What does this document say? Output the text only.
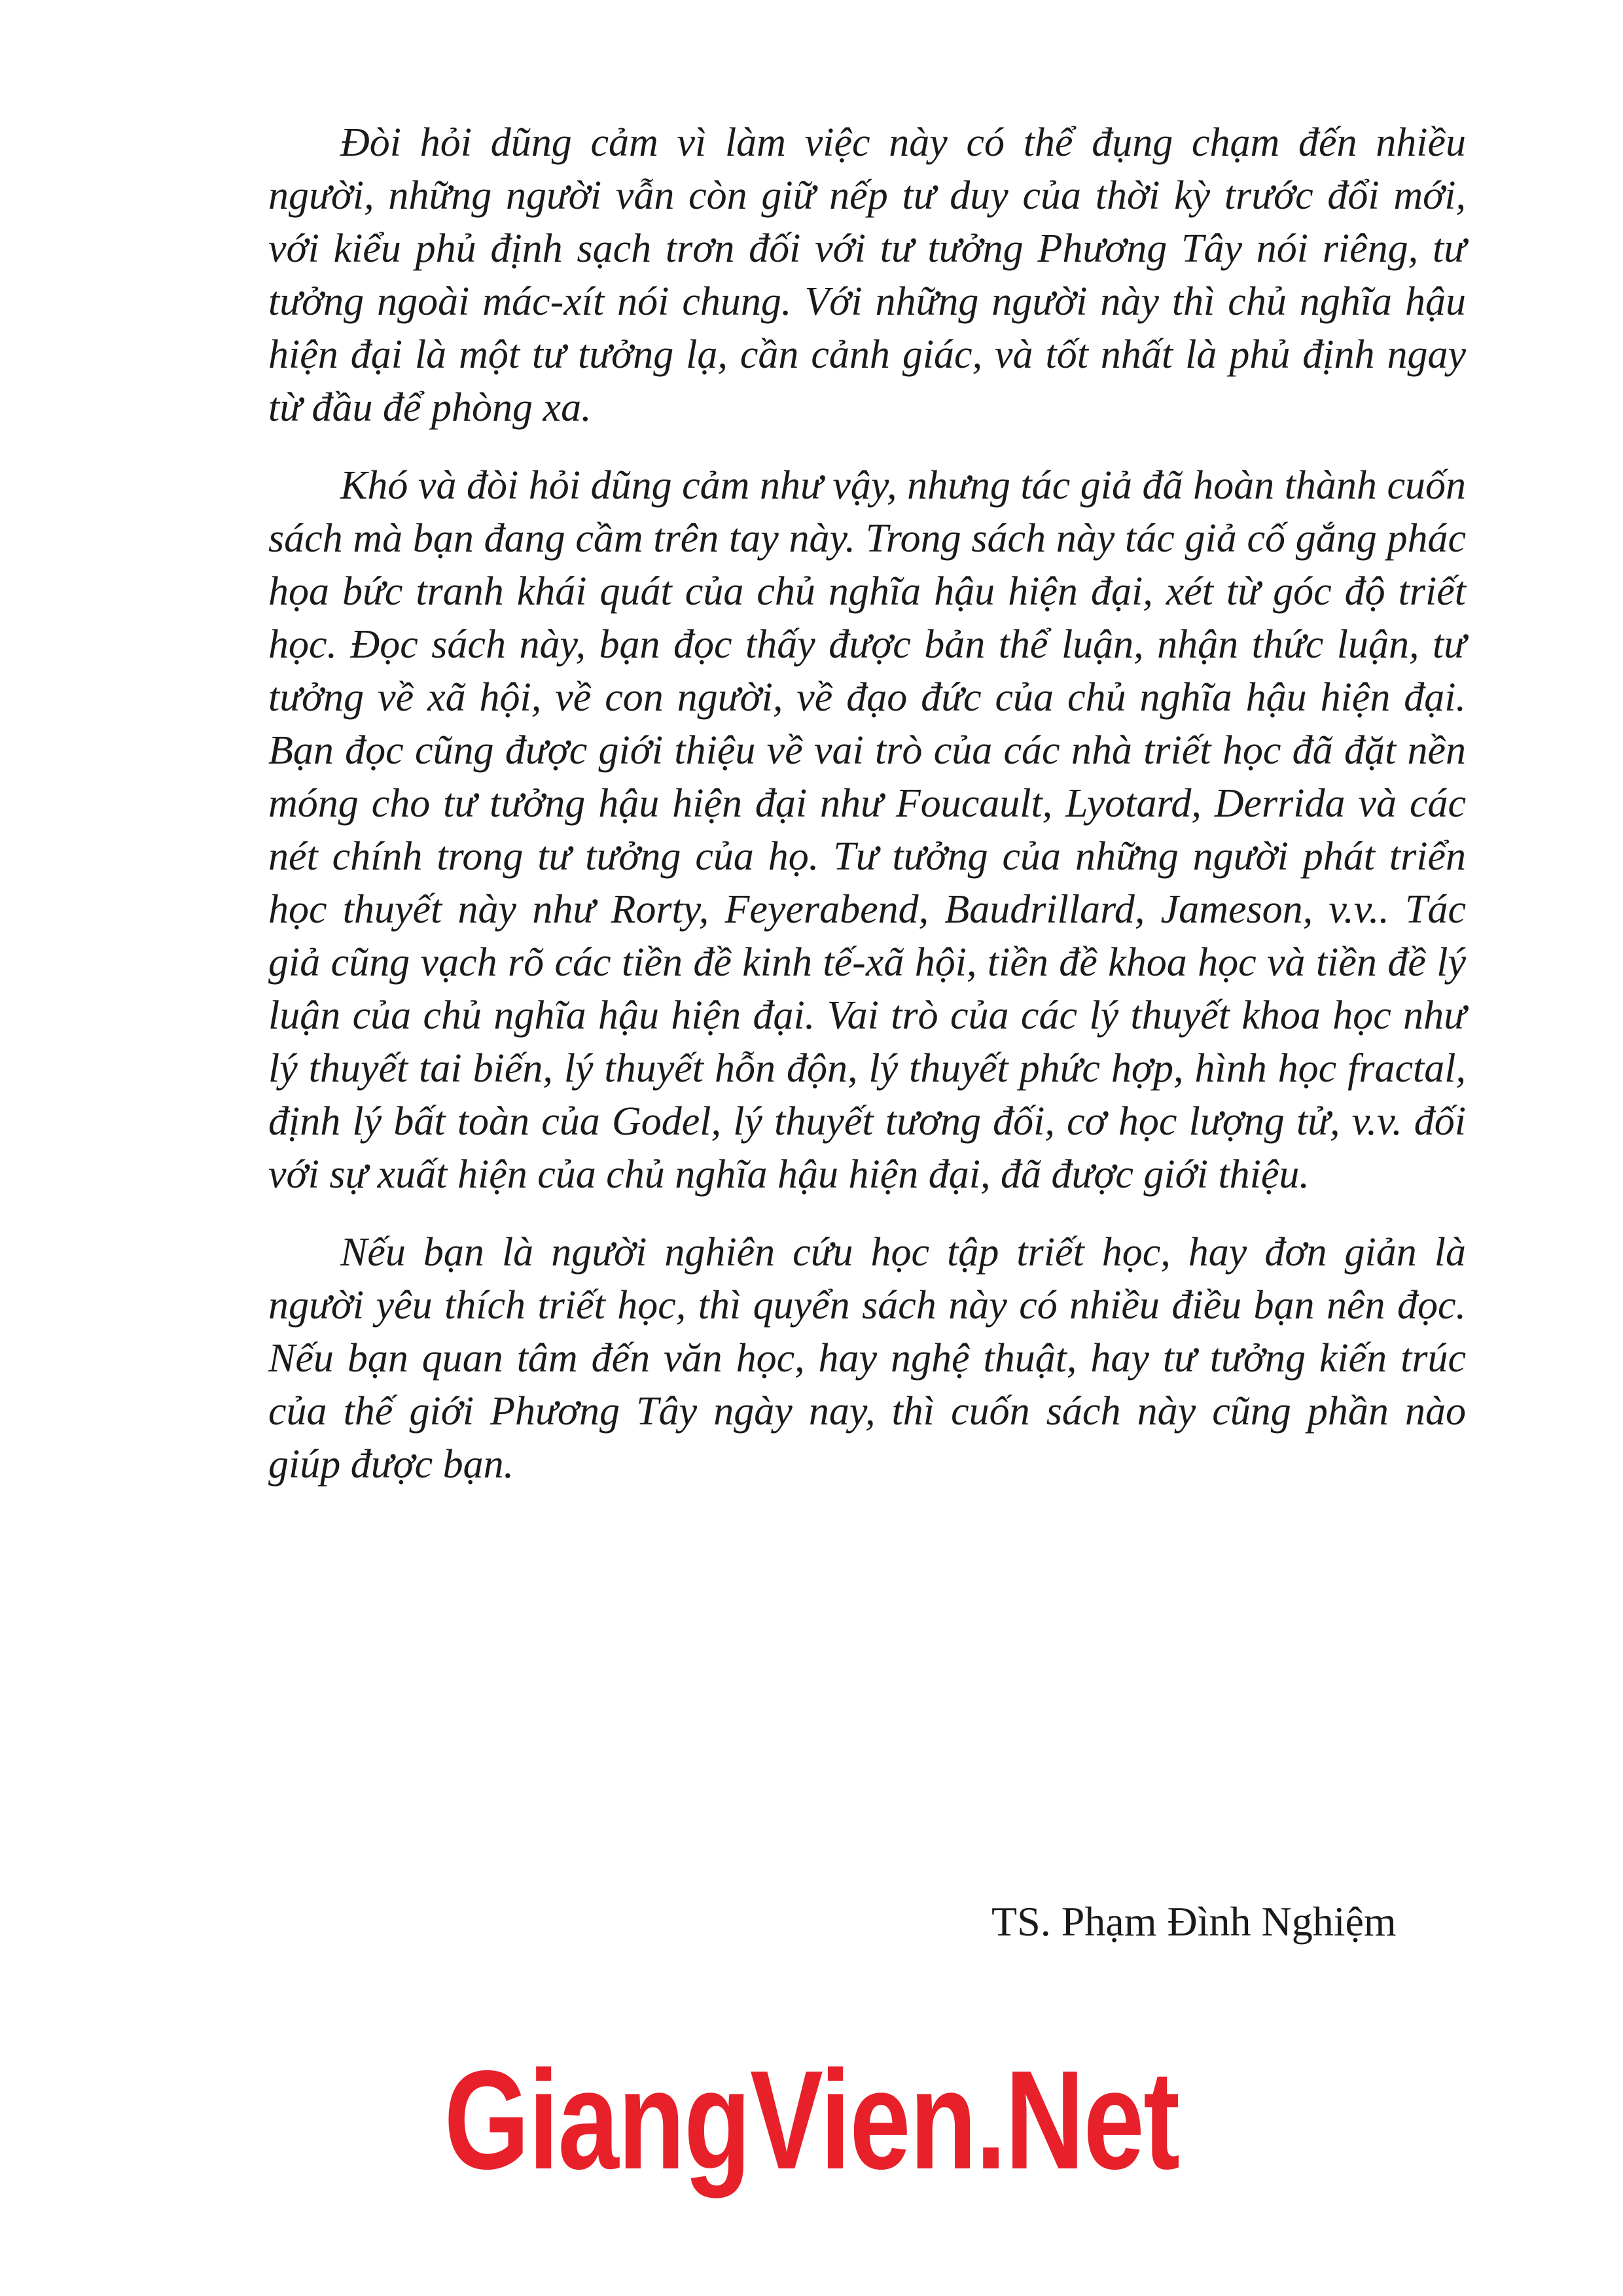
Đòi hỏi dũng cảm vì làm việc này có thể đụng chạm đến nhiều người, những người vẫn còn giữ nếp tư duy của thời kỳ trước đổi mới, với kiểu phủ định sạch trơn đối với tư tưởng Phương Tây nói riêng, tư tưởng ngoài mác-xít nói chung. Với những người này thì chủ nghĩa hậu hiện đại là một tư tưởng lạ, cần cảnh giác, và tốt nhất là phủ định ngay từ đầu để phòng xa.

Khó và đòi hỏi dũng cảm như vậy, nhưng tác giả đã hoàn thành cuốn sách mà bạn đang cầm trên tay này. Trong sách này tác giả cố gắng phác họa bức tranh khái quát của chủ nghĩa hậu hiện đại, xét từ góc độ triết học. Đọc sách này, bạn đọc thấy được bản thể luận, nhận thức luận, tư tưởng về xã hội, về con người, về đạo đức của chủ nghĩa hậu hiện đại. Bạn đọc cũng được giới thiệu về vai trò của các nhà triết học đã đặt nền móng cho tư tưởng hậu hiện đại như Foucault, Lyotard, Derrida và các nét chính trong tư tưởng của họ. Tư tưởng của những người phát triển học thuyết này như Rorty, Feyerabend, Baudrillard, Jameson, v.v.. Tác giả cũng vạch rõ các tiền đề kinh tế-xã hội, tiền đề khoa học và tiền đề lý luận của chủ nghĩa hậu hiện đại. Vai trò của các lý thuyết khoa học như lý thuyết tai biến, lý thuyết hỗn độn, lý thuyết phức hợp, hình học fractal, định lý bất toàn của Godel, lý thuyết tương đối, cơ học lượng tử, v.v. đối với sự xuất hiện của chủ nghĩa hậu hiện đại, đã được giới thiệu.

Nếu bạn là người nghiên cứu học tập triết học, hay đơn giản là người yêu thích triết học, thì quyển sách này có nhiều điều bạn nên đọc. Nếu bạn quan tâm đến văn học, hay nghệ thuật, hay tư tưởng kiến trúc của thế giới Phương Tây ngày nay, thì cuốn sách này cũng phần nào giúp được bạn.

TS. Phạm Đình Nghiệm
GiangVien.Net
